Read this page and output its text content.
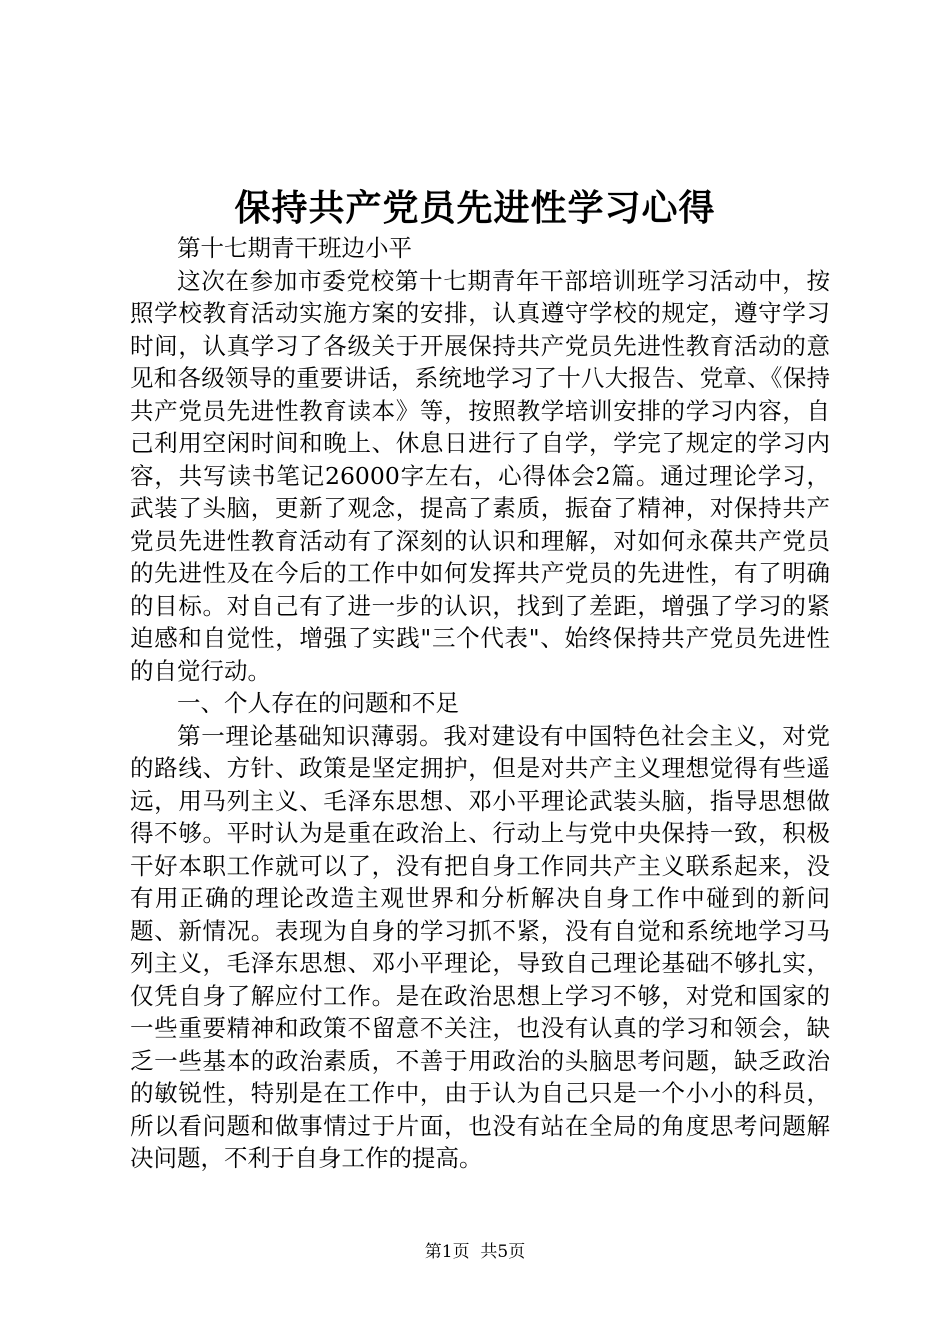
保持共产党员先进性学习心得

第十七期青干班边小平

这次在参加市委党校第十七期青年干部培训班学习活动中，按照学校教育活动实施方案的安排，认真遵守学校的规定，遵守学习时间，认真学习了各级关于开展保持共产党员先进性教育活动的意见和各级领导的重要讲话，系统地学习了十八大报告、党章、《保持共产党员先进性教育读本》等，按照教学培训安排的学习内容，自己利用空闲时间和晚上、休息日进行了自学，学完了规定的学习内容，共写读书笔记26000字左右，心得体会2篇。通过理论学习，武装了头脑，更新了观念，提高了素质，振奋了精神，对保持共产党员先进性教育活动有了深刻的认识和理解，对如何永葆共产党员的先进性及在今后的工作中如何发挥共产党员的先进性，有了明确的目标。对自己有了进一步的认识，找到了差距，增强了学习的紧迫感和自觉性，增强了实践"三个代表"、始终保持共产党员先进性的自觉行动。

一、个人存在的问题和不足

第一理论基础知识薄弱。我对建设有中国特色社会主义，对党的路线、方针、政策是坚定拥护，但是对共产主义理想觉得有些遥远，用马列主义、毛泽东思想、邓小平理论武装头脑，指导思想做得不够。平时认为是重在政治上、行动上与党中央保持一致，积极干好本职工作就可以了，没有把自身工作同共产主义联系起来，没有用正确的理论改造主观世界和分析解决自身工作中碰到的新问题、新情况。表现为自身的学习抓不紧，没有自觉和系统地学习马列主义，毛泽东思想、邓小平理论，导致自己理论基础不够扎实，仅凭自身了解应付工作。是在政治思想上学习不够，对党和国家的一些重要精神和政策不留意不关注，也没有认真的学习和领会，缺乏一些基本的政治素质，不善于用政治的头脑思考问题，缺乏政治的敏锐性，特别是在工作中，由于认为自己只是一个小小的科员，所以看问题和做事情过于片面，也没有站在全局的角度思考问题解决问题，不利于自身工作的提高。

第1页 共5页
